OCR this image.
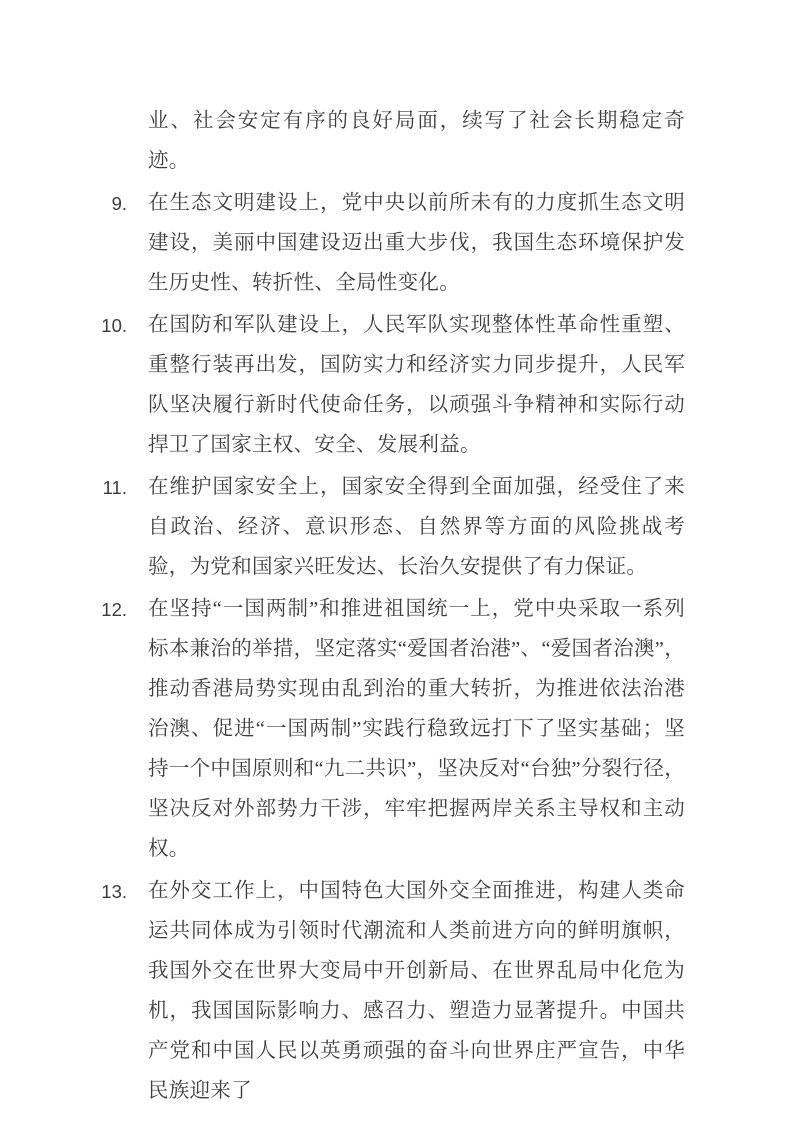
业、社会安定有序的良好局面，续写了社会长期稳定奇迹。

9. 在生态文明建设上，党中央以前所未有的力度抓生态文明建设，美丽中国建设迈出重大步伐，我国生态环境保护发生历史性、转折性、全局性变化。

10. 在国防和军队建设上，人民军队实现整体性革命性重塑、重整行装再出发，国防实力和经济实力同步提升，人民军队坚决履行新时代使命任务，以顽强斗争精神和实际行动捍卫了国家主权、安全、发展利益。

11. 在维护国家安全上，国家安全得到全面加强，经受住了来自政治、经济、意识形态、自然界等方面的风险挑战考验，为党和国家兴旺发达、长治久安提供了有力保证。

12. 在坚持“一国两制”和推进祖国统一上，党中央采取一系列标本兼治的举措，坚定落实“爱国者治港”、“爱国者治澳”，推动香港局势实现由乱到治的重大转折，为推进依法治港治澳、促进“一国两制”实践行稳致远打下了坚实基础；坚持一个中国原则和“九二共识”，坚决反对“台独”分裂行径，坚决反对外部势力干涉，牢牢把握两岸关系主导权和主动权。

13. 在外交工作上，中国特色大国外交全面推进，构建人类命运共同体成为引领时代潮流和人类前进方向的鲜明旗帜，我国外交在世界大变局中开创新局、在世界乱局中化危为机，我国国际影响力、感召力、塑造力显著提升。中国共产党和中国人民以英勇顽强的奋斗向世界庄严宣告，中华民族迎来了
